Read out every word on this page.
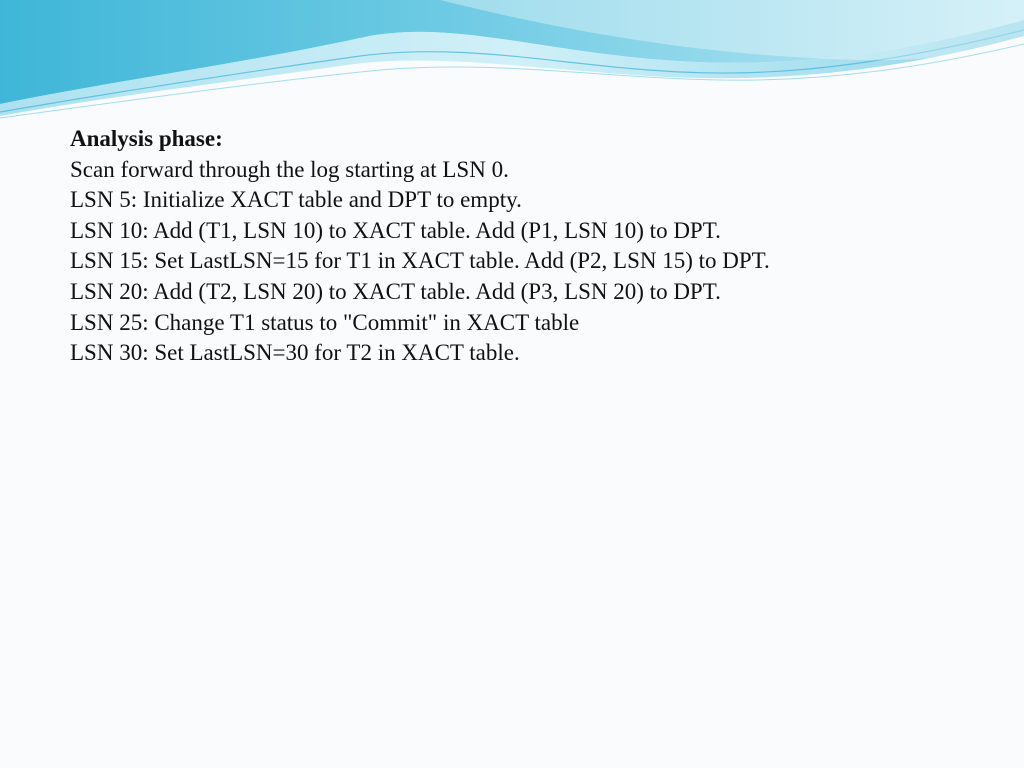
Analysis phase:
Scan forward through the log starting at LSN 0.
LSN 5: Initialize XACT table and DPT to empty.
LSN 10: Add (T1, LSN 10) to XACT table. Add (P1, LSN 10) to DPT.
LSN 15: Set LastLSN=15 for T1 in XACT table. Add (P2, LSN 15) to DPT.
LSN 20: Add (T2, LSN 20) to XACT table. Add (P3, LSN 20) to DPT.
LSN 25: Change T1 status to "Commit" in XACT table
LSN 30: Set LastLSN=30 for T2 in XACT table.
